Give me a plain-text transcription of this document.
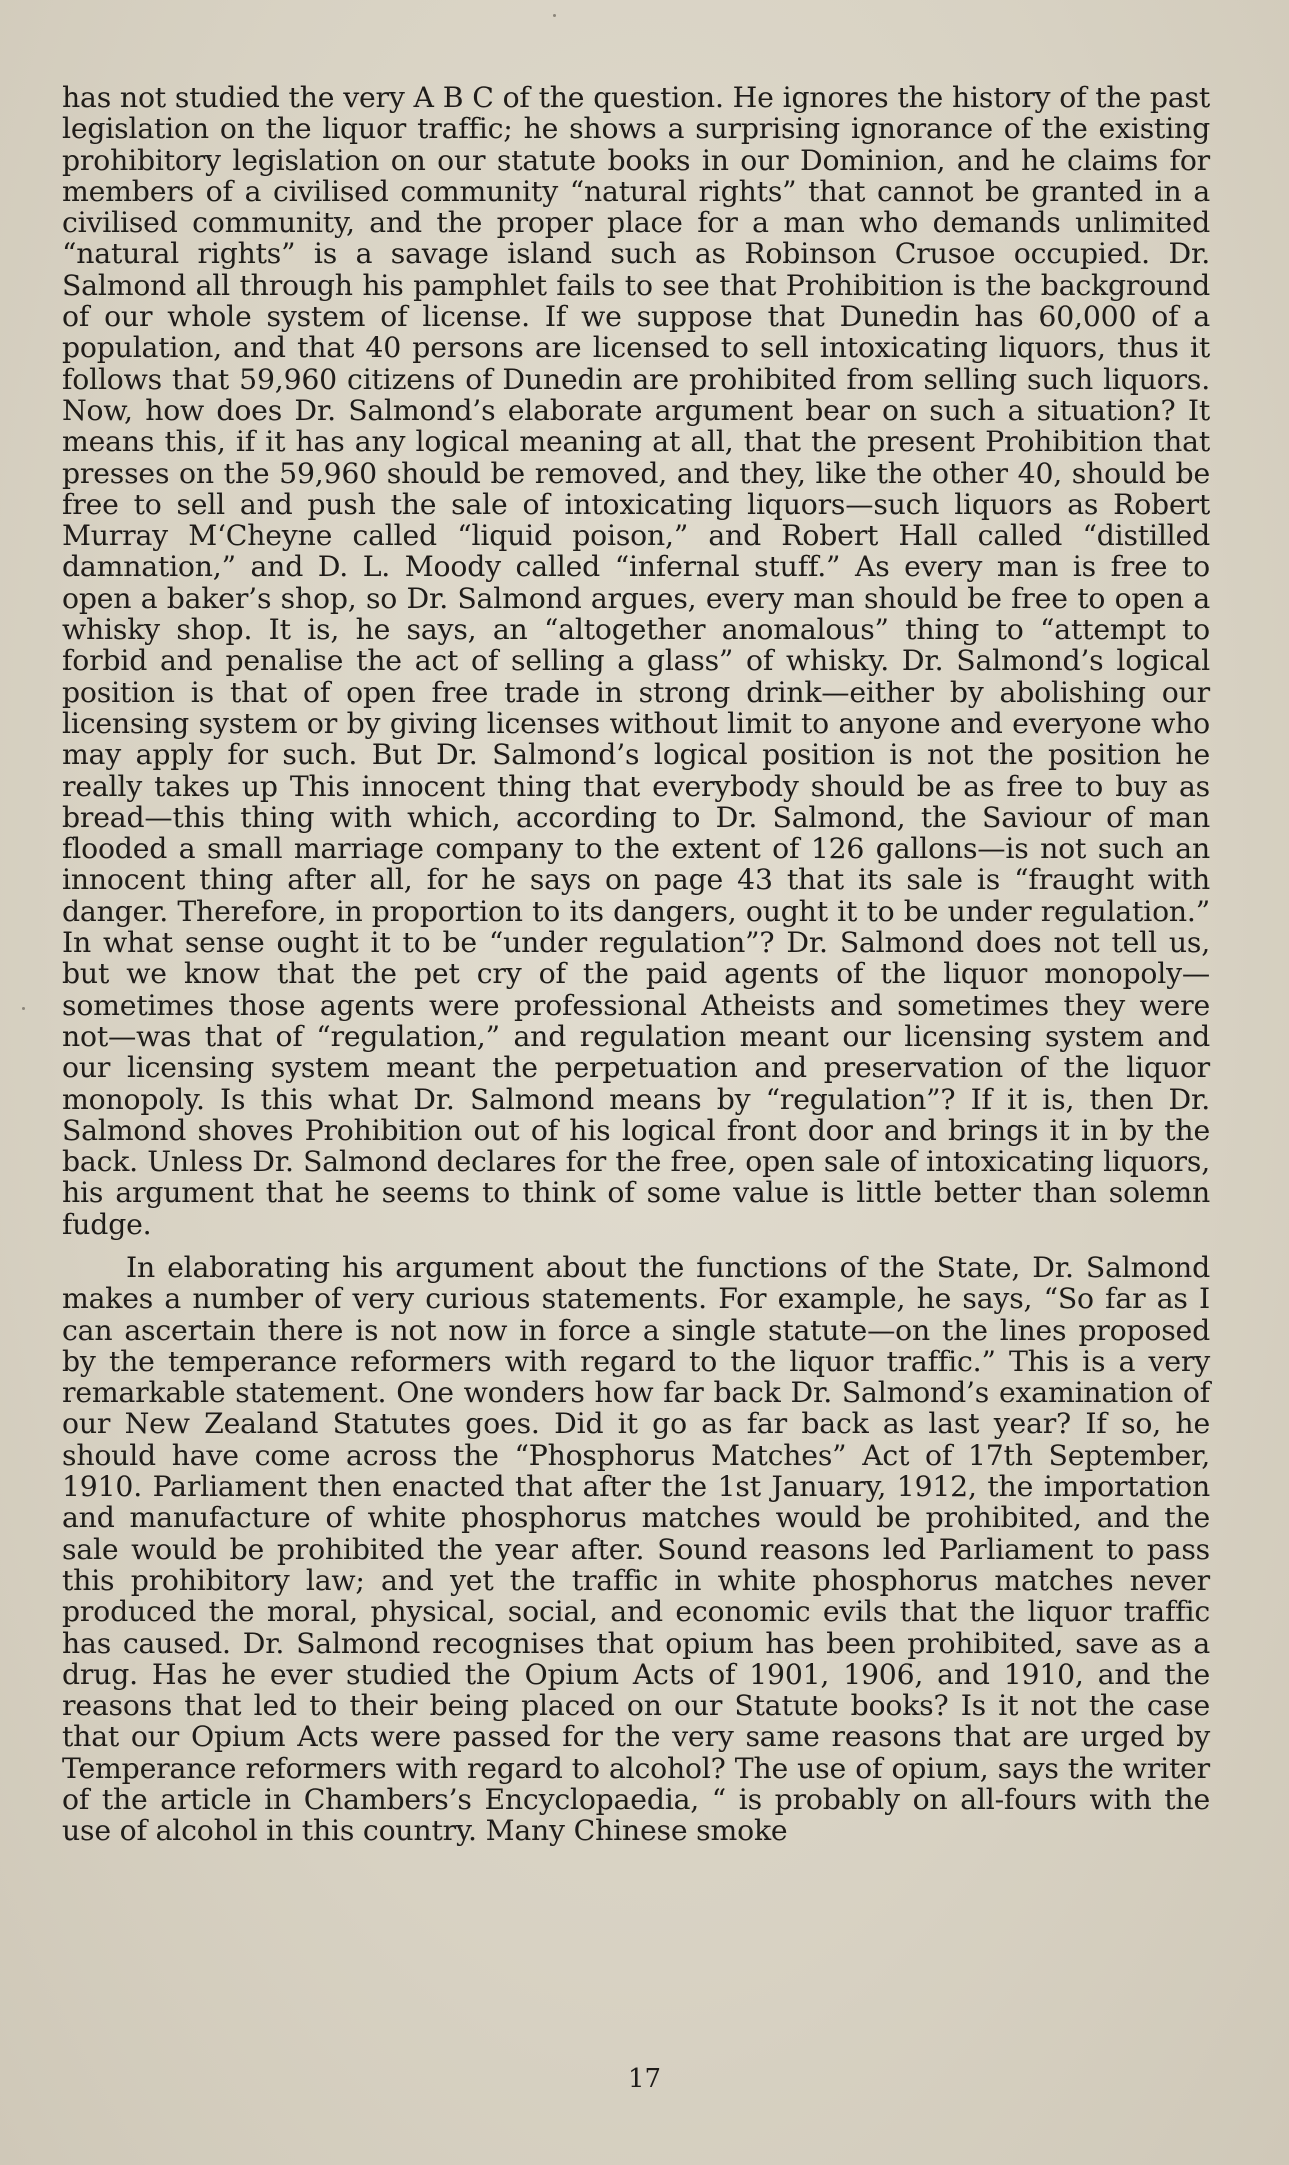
has not studied the very A B C of the question. He ignores the history of the past legislation on the liquor traffic; he shows a surprising ignorance of the existing prohibitory legislation on our statute books in our Dominion, and he claims for members of a civilised community “natural rights” that cannot be granted in a civilised community, and the proper place for a man who demands unlimited “natural rights” is a savage island such as Robinson Crusoe occupied. Dr. Salmond all through his pamphlet fails to see that Prohibition is the background of our whole system of license. If we suppose that Dunedin has 60,000 of a population, and that 40 persons are licensed to sell intoxicating liquors, thus it follows that 59,960 citizens of Dunedin are prohibited from selling such liquors. Now, how does Dr. Salmond’s elaborate argument bear on such a situation? It means this, if it has any logical meaning at all, that the present Prohibition that presses on the 59,960 should be removed, and they, like the other 40, should be free to sell and push the sale of intoxicating liquors—such liquors as Robert Murray M‘Cheyne called “liquid poison,” and Robert Hall called “distilled damnation,” and D. L. Moody called “infernal stuff.” As every man is free to open a baker’s shop, so Dr. Salmond argues, every man should be free to open a whisky shop. It is, he says, an “altogether anomalous” thing to “attempt to forbid and penalise the act of selling a glass” of whisky. Dr. Salmond’s logical position is that of open free trade in strong drink—either by abolishing our licensing system or by giving licenses without limit to anyone and everyone who may apply for such. But Dr. Salmond’s logical position is not the position he really takes up This innocent thing that everybody should be as free to buy as bread—this thing with which, according to Dr. Salmond, the Saviour of man flooded a small marriage company to the extent of 126 gallons—is not such an innocent thing after all, for he says on page 43 that its sale is “fraught with danger. Therefore, in proportion to its dangers, ought it to be under regulation.” In what sense ought it to be “under regulation”? Dr. Salmond does not tell us, but we know that the pet cry of the paid agents of the liquor monopoly—sometimes those agents were professional Atheists and sometimes they were not—was that of “regulation,” and regulation meant our licensing system and our licensing system meant the perpetuation and preservation of the liquor monopoly. Is this what Dr. Salmond means by “regulation”? If it is, then Dr. Salmond shoves Prohibition out of his logical front door and brings it in by the back. Unless Dr. Salmond declares for the free, open sale of intoxicating liquors, his argument that he seems to think of some value is little better than solemn fudge.

In elaborating his argument about the functions of the State, Dr. Salmond makes a number of very curious statements. For example, he says, “So far as I can ascertain there is not now in force a single statute—on the lines proposed by the temperance reformers with regard to the liquor traffic.” This is a very remarkable statement. One wonders how far back Dr. Salmond’s examination of our New Zealand Statutes goes. Did it go as far back as last year? If so, he should have come across the “Phosphorus Matches” Act of 17th September, 1910. Parliament then enacted that after the 1st January, 1912, the importation and manufacture of white phosphorus matches would be prohibited, and the sale would be prohibited the year after. Sound reasons led Parliament to pass this prohibitory law; and yet the traffic in white phosphorus matches never produced the moral, physical, social, and economic evils that the liquor traffic has caused. Dr. Salmond recognises that opium has been prohibited, save as a drug. Has he ever studied the Opium Acts of 1901, 1906, and 1910, and the reasons that led to their being placed on our Statute books? Is it not the case that our Opium Acts were passed for the very same reasons that are urged by Temperance reformers with regard to alcohol? The use of opium, says the writer of the article in Chambers’s Encyclopaedia, “ is probably on all-fours with the use of alcohol in this country. Many Chinese smoke

17
